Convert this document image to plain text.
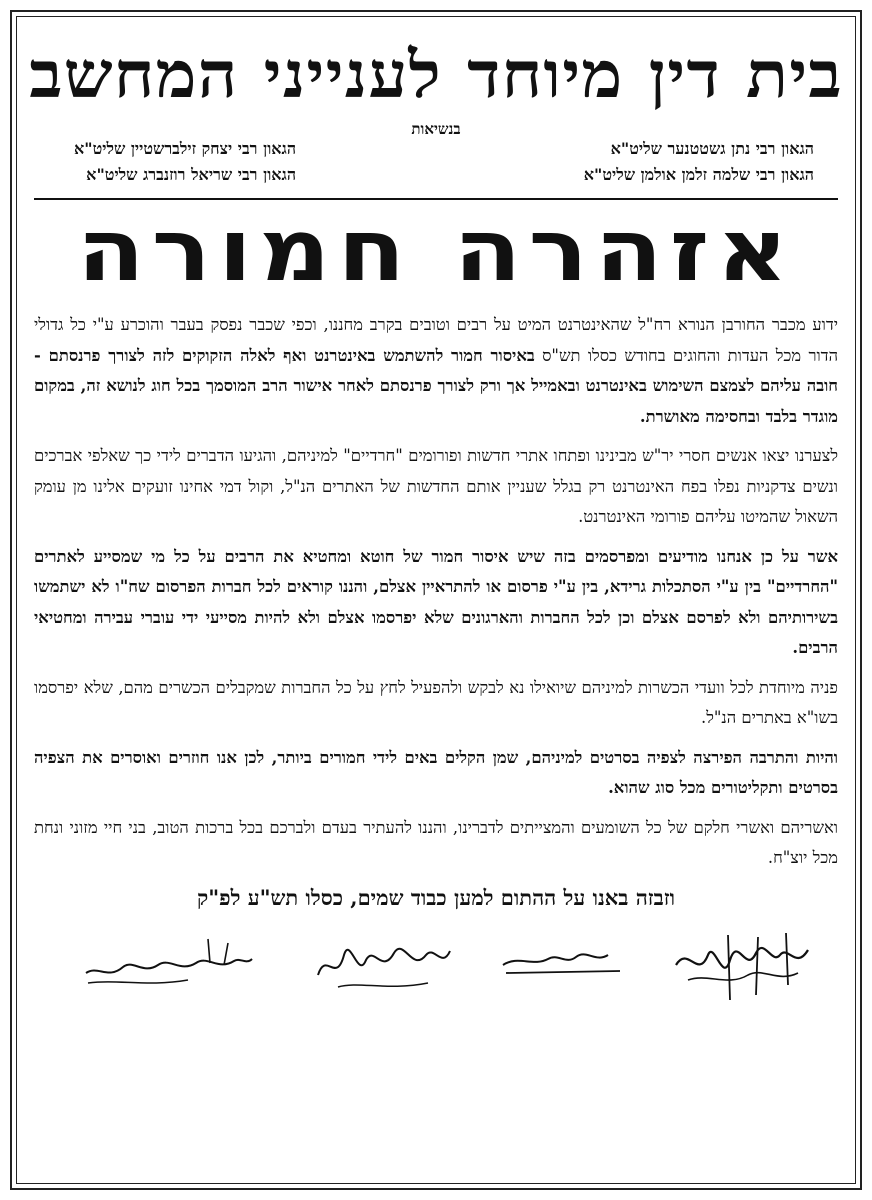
בית דין מיוחד לענייני המחשב
בנשיאות
הגאון רבי נתן גשטטנער שליט"א
הגאון רבי שלמה זלמן אולמן שליט"א
הגאון רבי יצחק זילברשטיין שליט"א
הגאון רבי שריאל רוזנברג שליט"א
אזהרה חמורה

ידוע מכבר החורבן הנורא רח"ל שהאינטרנט המיט על רבים וטובים בקרב מחננו, וכפי שכבר נפסק בעבר והוכרע ע"י כל גדולי הדור מכל העדות והחוגים בחודש כסלו תש"ס באיסור חמור להשתמש באינטרנט ואף לאלה הזקוקים לזה לצורך פרנסתם - חובה עליהם לצמצם השימוש באינטרנט ובאמייל אך ורק לצורך פרנסתם לאחר אישור הרב המוסמך בכל חוג לנושא זה, במקום מוגדר בלבד ובחסימה מאושרת.

לצערנו יצאו אנשים חסרי יר"ש מבינינו ופתחו אתרי חדשות ופורומים "חרדיים" למיניהם, והגיעו הדברים לידי כך שאלפי אברכים ונשים צדקניות נפלו בפח האינטרנט רק בגלל שעניין אותם החדשות של האתרים הנ"ל, וקול דמי אחינו זועקים אלינו מן עומק השאול שהמיטו עליהם פורומי האינטרנט.

אשר על כן אנחנו מודיעים ומפרסמים בזה שיש איסור חמור של חוטא ומחטיא את הרבים על כל מי שמסייע לאתרים "החרדיים" בין ע"י הסתכלות גרידא, בין ע"י פרסום או להתראיין אצלם, והננו קוראים לכל חברות הפרסום שח"ו לא ישתמשו בשירותיהם ולא לפרסם אצלם וכן לכל החברות והארגונים שלא יפרסמו אצלם ולא להיות מסייעי ידי עוברי עבירה ומחטיאי הרבים.

פניה מיוחדת לכל וועדי הכשרות למיניהם שיואילו נא לבקש ולהפעיל לחץ על כל החברות שמקבלים הכשרים מהם, שלא יפרסמו בשו"א באתרים הנ"ל.

והיות והתרבה הפירצה לצפיה בסרטים למיניהם, שמן הקלים באים לידי חמורים ביותר, לכן אנו חוזרים ואוסרים את הצפיה בסרטים ותקליטורים מכל סוג שהוא.

ואשריהם ואשרי חלקם של כל השומעים והמצייתים לדברינו, והננו להעתיר בעדם ולברכם בכל ברכות הטוב, בני חיי מזוני ונחת מכל יוצ"ח.

וזבזה באנו על ההתום למען כבוד שמים, כסלו תש"ע לפ"ק
